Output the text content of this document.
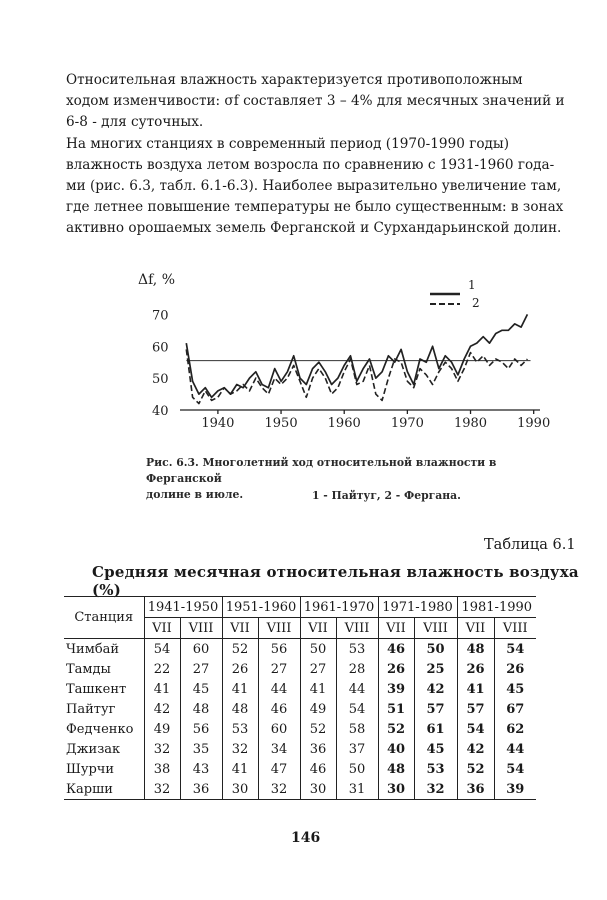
Относительная влажность характеризуется противоположным
ходом изменчивости: σf составляет 3 – 4% для месячных значений и
6-8 - для суточных.
На многих станциях в современный период (1970-1990 годы)
влажность воздуха летом возросла по сравнению с 1931-1960 года-
ми (рис. 6.3, табл. 6.1-6.3). Наиболее выразительно увеличение там,
где летнее повышение температуры не было существенным: в зонах
активно орошаемых земель Ферганской и Сурхандарьинской долин.
Δf, %
70
60
50
40
1940 1950 1960 1970 1980 1990
1
2
Рис. 6.3. Многолетний ход относительной влажности в Ферганской
долине в июле.	1 - Пайтуг, 2 - Фергана.
Таблица 6.1
Средняя месячная относительная влажность воздуха (%)
Станция	1941-1950		1951-1960		1961-1970		1971-1980		1981-1990	
	VII	VIII	VII	VIII	VII	VIII	VII	VIII	VII	VIII
Чимбай	54	60	52	56	50	53	46	50	48	54
Тамды	22	27	26	27	27	28	26	25	26	26
Ташкент	41	45	41	44	41	44	39	42	41	45
Пайтуг	42	48	48	46	49	54	51	57	57	67
Федченко	49	56	53	60	52	58	52	61	54	62
Джизак	32	35	32	34	36	37	40	45	42	44
Шурчи	38	43	41	47	46	50	48	53	52	54
Карши	32	36	30	32	30	31	30	32	36	39
146
